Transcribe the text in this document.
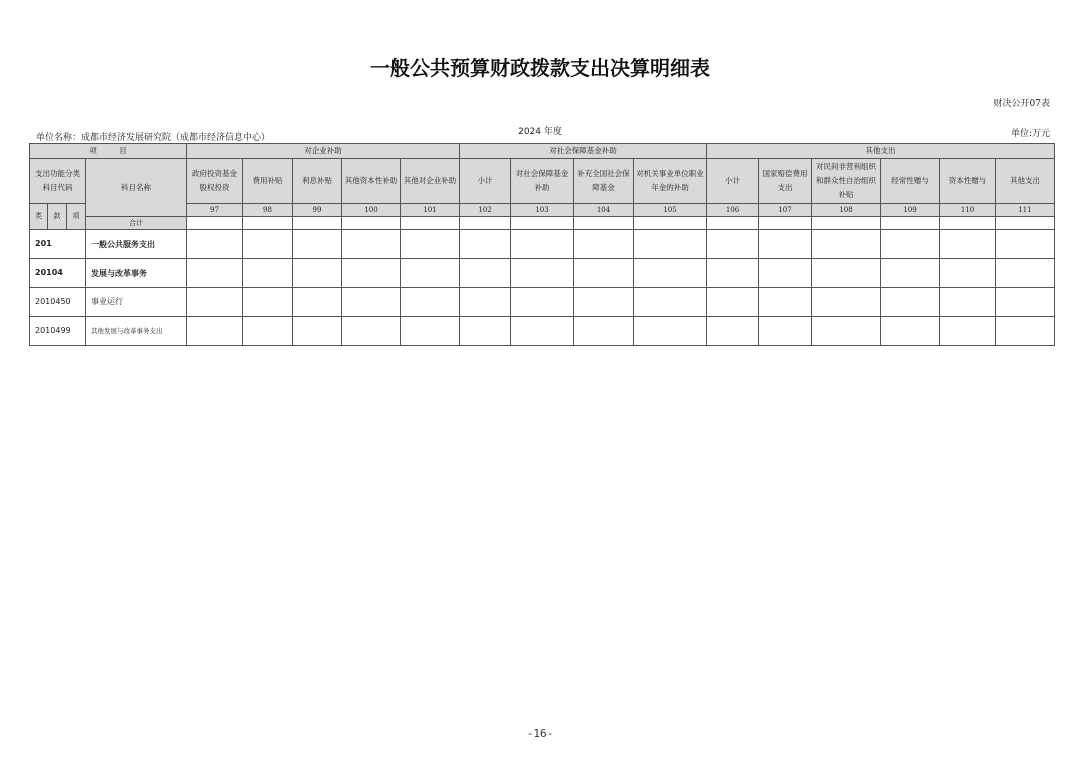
一般公共预算财政拨款支出决算明细表
财决公开07表
单位名称：成都市经济发展研究院（成都市经济信息中心）
2024 年度	单位:万元
项　　　目				对企业补助					对社会保障基金补助				其他支出					
支出功能分类科目代码			科目名称	政府投资基金股权投资	费用补贴	利息补贴	其他资本性补助	其他对企业补助	小计	对社会保障基金补助	补充全国社会保障基金	对机关事业单位职业年金的补助	小计	国家赔偿费用支出	对民间非营利组织和群众性自治组织补贴	经常性赠与	资本性赠与	其他支出
类	款	项		97	98	99	100	101	102	103	104	105	106	107	108	109	110	111
			合计															
201			一般公共服务支出															
20104			发展与改革事务															
2010450			事业运行															
2010499			其他发展与改革事务支出															
-16-
